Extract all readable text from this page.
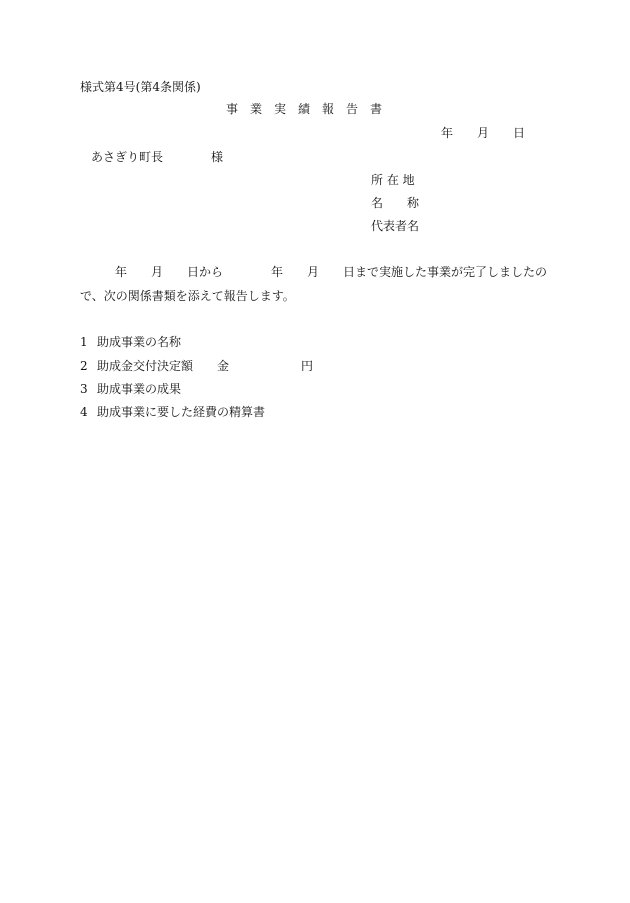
様式第4号(第4条関係)
事　業　実　績　報　告　書
年　　月　　日
あさぎり町長　　　　様
所 在 地
名　　称
代表者名
年　　月　　日から　　　　年　　月　　日まで実施した事業が完了しましたの
で、次の関係書類を添えて報告します。
1 助成事業の名称
2 助成金交付決定額　　金　　　　　　円
3 助成事業の成果
4 助成事業に要した経費の精算書
